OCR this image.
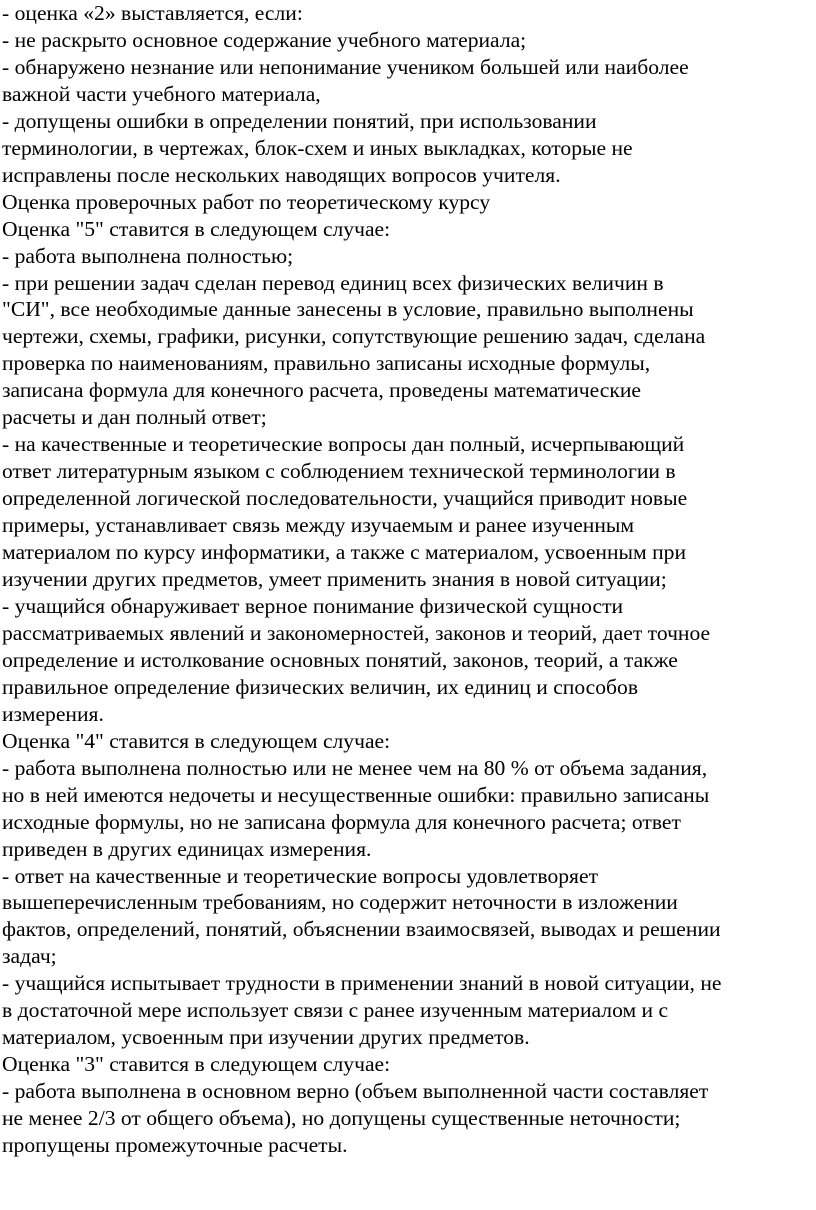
- оценка «2» выставляется, если:

- не раскрыто основное содержание учебного материала;

- обнаружено незнание или непонимание учеником большей или наиболее

важной части учебного материала,

- допущены ошибки в определении понятий, при использовании

терминологии, в чертежах, блок-схем и иных выкладках, которые не

исправлены после нескольких наводящих вопросов учителя.

Оценка проверочных работ по теоретическому курсу

Оценка "5" ставится в следующем случае:

- работа выполнена полностью;

- при решении задач сделан перевод единиц всех физических величин в

"СИ", все необходимые данные занесены в условие, правильно выполнены

чертежи, схемы, графики, рисунки, сопутствующие решению задач, сделана

проверка по наименованиям, правильно записаны исходные формулы,

записана формула для конечного расчета, проведены математические

расчеты и дан полный ответ;

- на качественные и теоретические вопросы дан полный, исчерпывающий

ответ литературным языком с соблюдением технической терминологии в

определенной логической последовательности, учащийся приводит новые

примеры, устанавливает связь между изучаемым и ранее изученным

материалом по курсу информатики, а также с материалом, усвоенным при

изучении других предметов, умеет применить знания в новой ситуации;

- учащийся обнаруживает верное понимание физической сущности

рассматриваемых явлений и закономерностей, законов и теорий, дает точное

определение и истолкование основных понятий, законов, теорий, а также

правильное определение физических величин, их единиц и способов

измерения.

Оценка "4" ставится в следующем случае:

- работа выполнена полностью или не менее чем на 80 % от объема задания,

но в ней имеются недочеты и несущественные ошибки: правильно записаны

исходные формулы, но не записана формула для конечного расчета; ответ

приведен в других единицах измерения.

- ответ на качественные и теоретические вопросы удовлетворяет

вышеперечисленным требованиям, но содержит неточности в изложении

фактов, определений, понятий, объяснении взаимосвязей, выводах и решении

задач;

- учащийся испытывает трудности в применении знаний в новой ситуации, не

в достаточной мере использует связи с ранее изученным материалом и с

материалом, усвоенным при изучении других предметов.

Оценка "3" ставится в следующем случае:

- работа выполнена в основном верно (объем выполненной части составляет

не менее 2/3 от общего объема), но допущены существенные неточности;

пропущены промежуточные расчеты.
